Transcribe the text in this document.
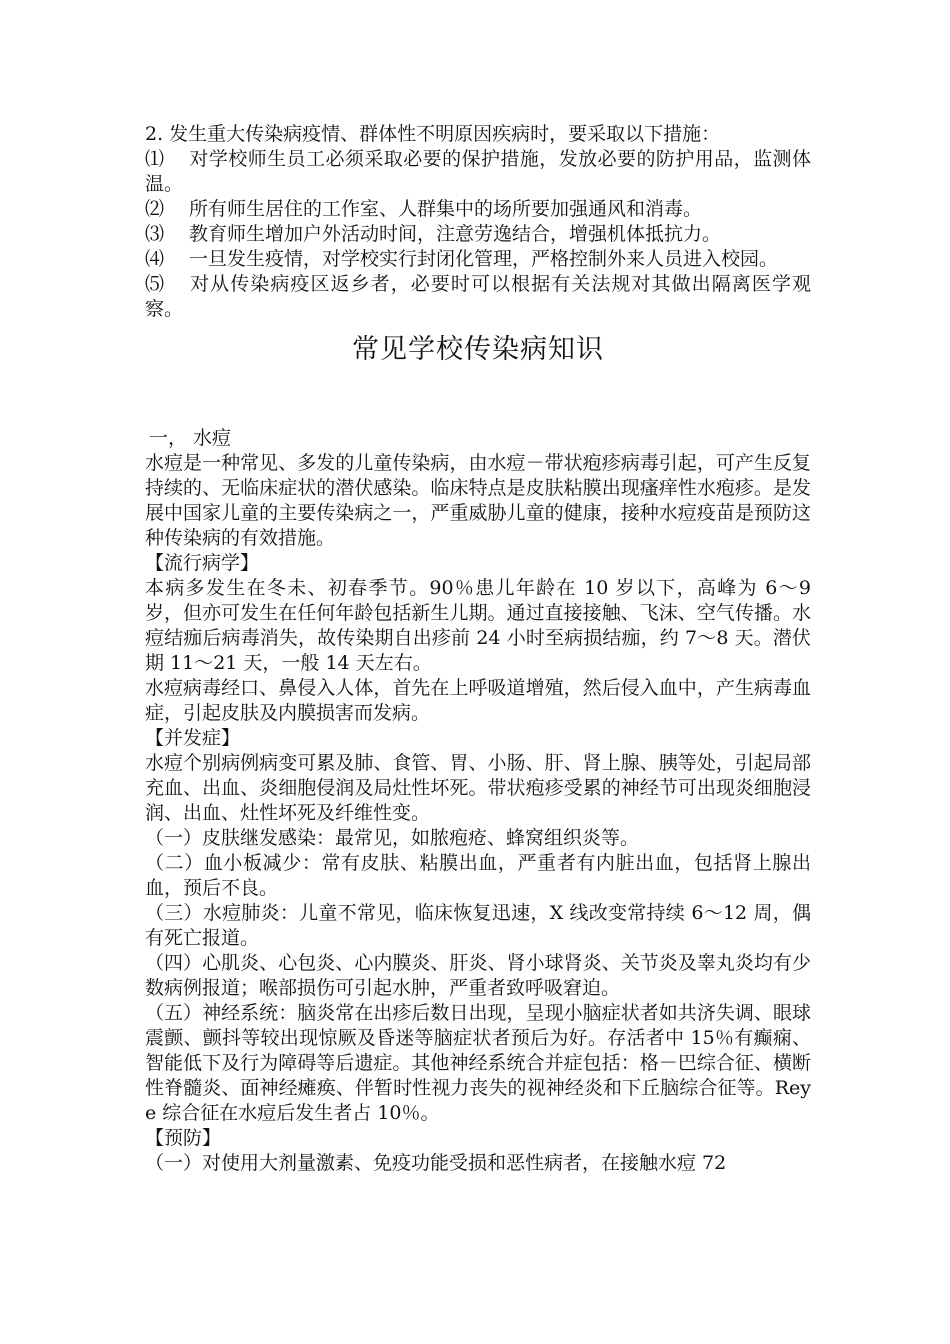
2. 发生重大传染病疫情、群体性不明原因疾病时，要采取以下措施：
⑴ 对学校师生员工必须采取必要的保护措施，发放必要的防护用品，监测体温。
⑵ 所有师生居住的工作室、人群集中的场所要加强通风和消毒。
⑶ 教育师生增加户外活动时间，注意劳逸结合，增强机体抵抗力。
⑷ 一旦发生疫情，对学校实行封闭化管理，严格控制外来人员进入校园。
⑸ 对从传染病疫区返乡者，必要时可以根据有关法规对其做出隔离医学观察。
常见学校传染病知识
一， 水痘
水痘是一种常见、多发的儿童传染病，由水痘－带状疱疹病毒引起，可产生反复持续的、无临床症状的潜伏感染。临床特点是皮肤粘膜出现瘙痒性水疱疹。是发展中国家儿童的主要传染病之一，严重威胁儿童的健康，接种水痘疫苗是预防这种传染病的有效措施。
【流行病学】
本病多发生在冬未、初春季节。90％患儿年龄在 10 岁以下，高峰为 6～9 岁，但亦可发生在任何年龄包括新生儿期。通过直接接触、飞沫、空气传播。水痘结痂后病毒消失，故传染期自出疹前 24 小时至病损结痂，约 7～8 天。潜伏期 11～21 天，一般 14 天左右。
水痘病毒经口、鼻侵入人体，首先在上呼吸道增殖，然后侵入血中，产生病毒血症，引起皮肤及内膜损害而发病。
【并发症】
水痘个别病例病变可累及肺、食管、胃、小肠、肝、肾上腺、胰等处，引起局部充血、出血、炎细胞侵润及局灶性坏死。带状疱疹受累的神经节可出现炎细胞浸润、出血、灶性坏死及纤维性变。
（一）皮肤继发感染：最常见，如脓疱疮、蜂窝组织炎等。
（二）血小板减少：常有皮肤、粘膜出血，严重者有内脏出血，包括肾上腺出血，预后不良。
（三）水痘肺炎：儿童不常见，临床恢复迅速，X 线改变常持续 6～12 周，偶有死亡报道。
（四）心肌炎、心包炎、心内膜炎、肝炎、肾小球肾炎、关节炎及睾丸炎均有少数病例报道；喉部损伤可引起水肿，严重者致呼吸窘迫。
（五）神经系统：脑炎常在出疹后数日出现，呈现小脑症状者如共济失调、眼球震颤、颤抖等较出现惊厥及昏迷等脑症状者预后为好。存活者中 15％有癫痫、智能低下及行为障碍等后遗症。其他神经系统合并症包括：格－巴综合征、横断性脊髓炎、面神经瘫痪、伴暂时性视力丧失的视神经炎和下丘脑综合征等。Reye 综合征在水痘后发生者占 10％。
【预防】
（一）对使用大剂量激素、免疫功能受损和恶性病者，在接触水痘 72
